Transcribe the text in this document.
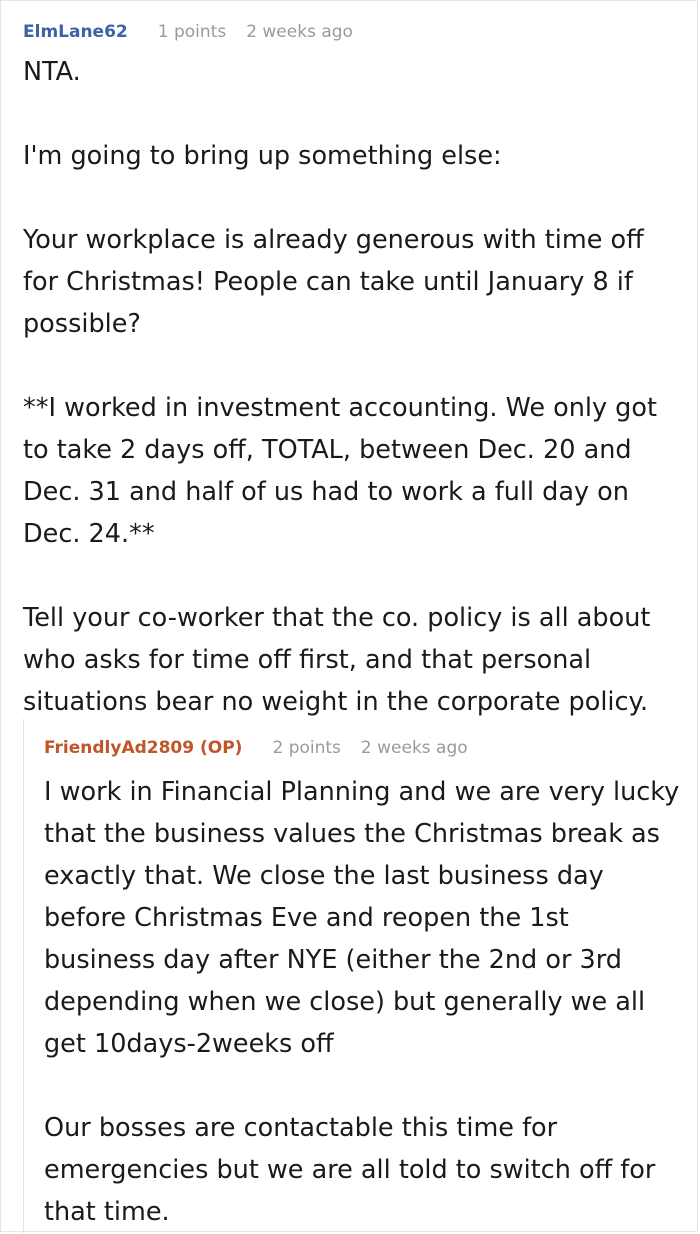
ElmLane62 1 points 2 weeks ago

NTA.

I'm going to bring up something else:

Your workplace is already generous with time off for Christmas! People can take until January 8 if possible?

**I worked in investment accounting. We only got to take 2 days off, TOTAL, between Dec. 20 and Dec. 31 and half of us had to work a full day on Dec. 24.**

Tell your co-worker that the co. policy is all about who asks for time off first, and that personal situations bear no weight in the corporate policy.

FriendlyAd2809 (OP) 2 points 2 weeks ago

I work in Financial Planning and we are very lucky that the business values the Christmas break as exactly that. We close the last business day before Christmas Eve and reopen the 1st business day after NYE (either the 2nd or 3rd depending when we close) but generally we all get 10days-2weeks off

Our bosses are contactable this time for emergencies but we are all told to switch off for that time.
